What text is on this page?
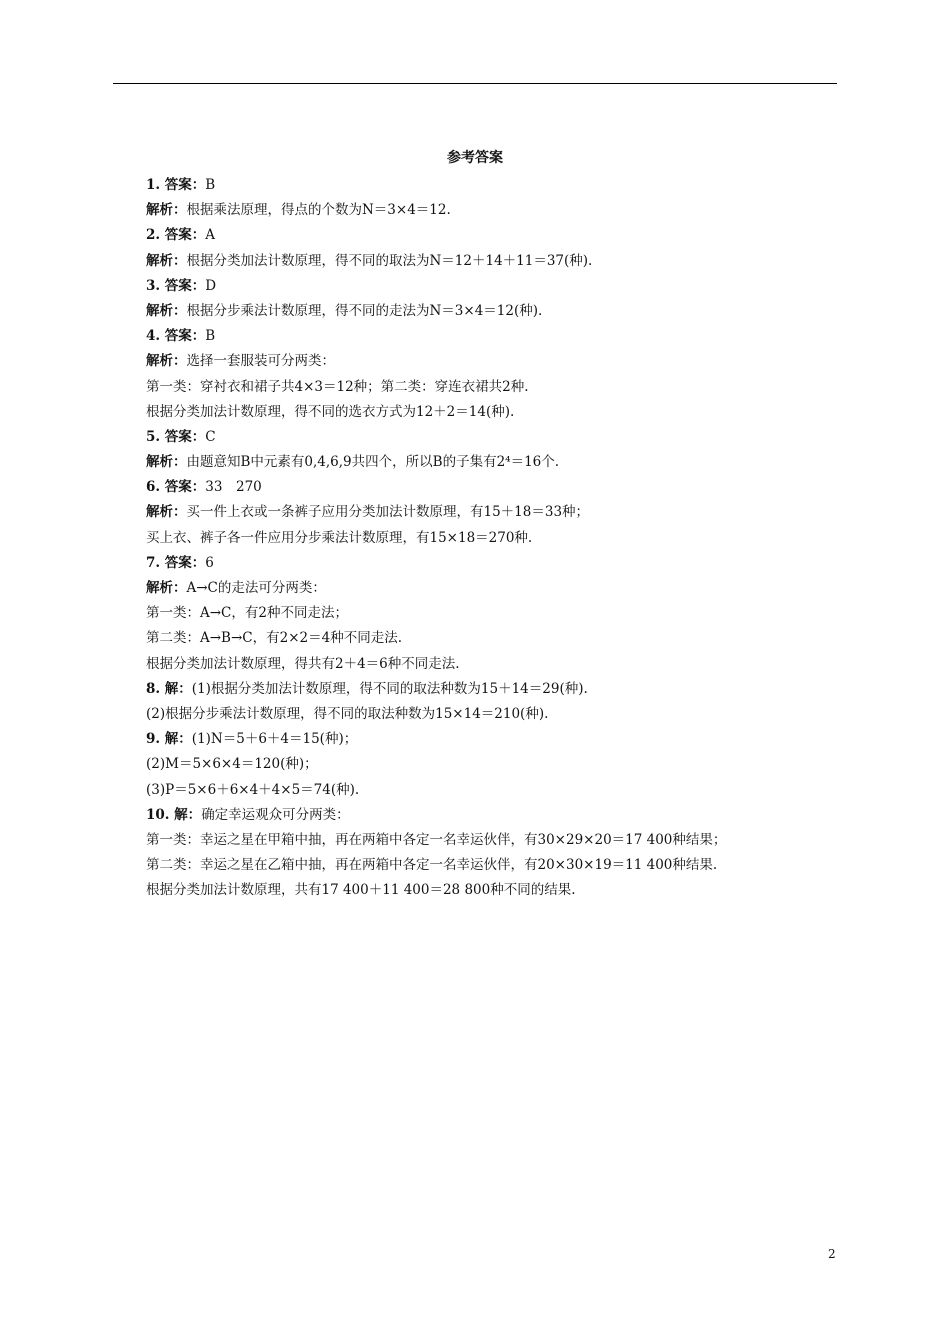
参考答案
1. 答案：B
解析：根据乘法原理，得点的个数为N＝3×4＝12.
2. 答案：A
解析：根据分类加法计数原理，得不同的取法为N＝12＋14＋11＝37(种).
3. 答案：D
解析：根据分步乘法计数原理，得不同的走法为N＝3×4＝12(种).
4. 答案：B
解析：选择一套服装可分两类：
第一类：穿衬衣和裙子共4×3＝12种；第二类：穿连衣裙共2种.
根据分类加法计数原理，得不同的选衣方式为12＋2＝14(种).
5. 答案：C
解析：由题意知B中元素有0,4,6,9共四个，所以B的子集有2⁴＝16个.
6. 答案：33　270
解析：买一件上衣或一条裤子应用分类加法计数原理，有15＋18＝33种；
买上衣、裤子各一件应用分步乘法计数原理，有15×18＝270种.
7. 答案：6
解析：A→C的走法可分两类：
第一类：A→C，有2种不同走法；
第二类：A→B→C，有2×2＝4种不同走法.
根据分类加法计数原理，得共有2＋4＝6种不同走法.
8. 解：(1)根据分类加法计数原理，得不同的取法种数为15＋14＝29(种).
(2)根据分步乘法计数原理，得不同的取法种数为15×14＝210(种).
9. 解：(1)N＝5＋6＋4＝15(种)；
(2)M＝5×6×4＝120(种)；
(3)P＝5×6＋6×4＋4×5＝74(种).
10. 解：确定幸运观众可分两类：
第一类：幸运之星在甲箱中抽，再在两箱中各定一名幸运伙伴，有30×29×20＝17 400种结果；
第二类：幸运之星在乙箱中抽，再在两箱中各定一名幸运伙伴，有20×30×19＝11 400种结果.
根据分类加法计数原理，共有17 400＋11 400＝28 800种不同的结果.
2
